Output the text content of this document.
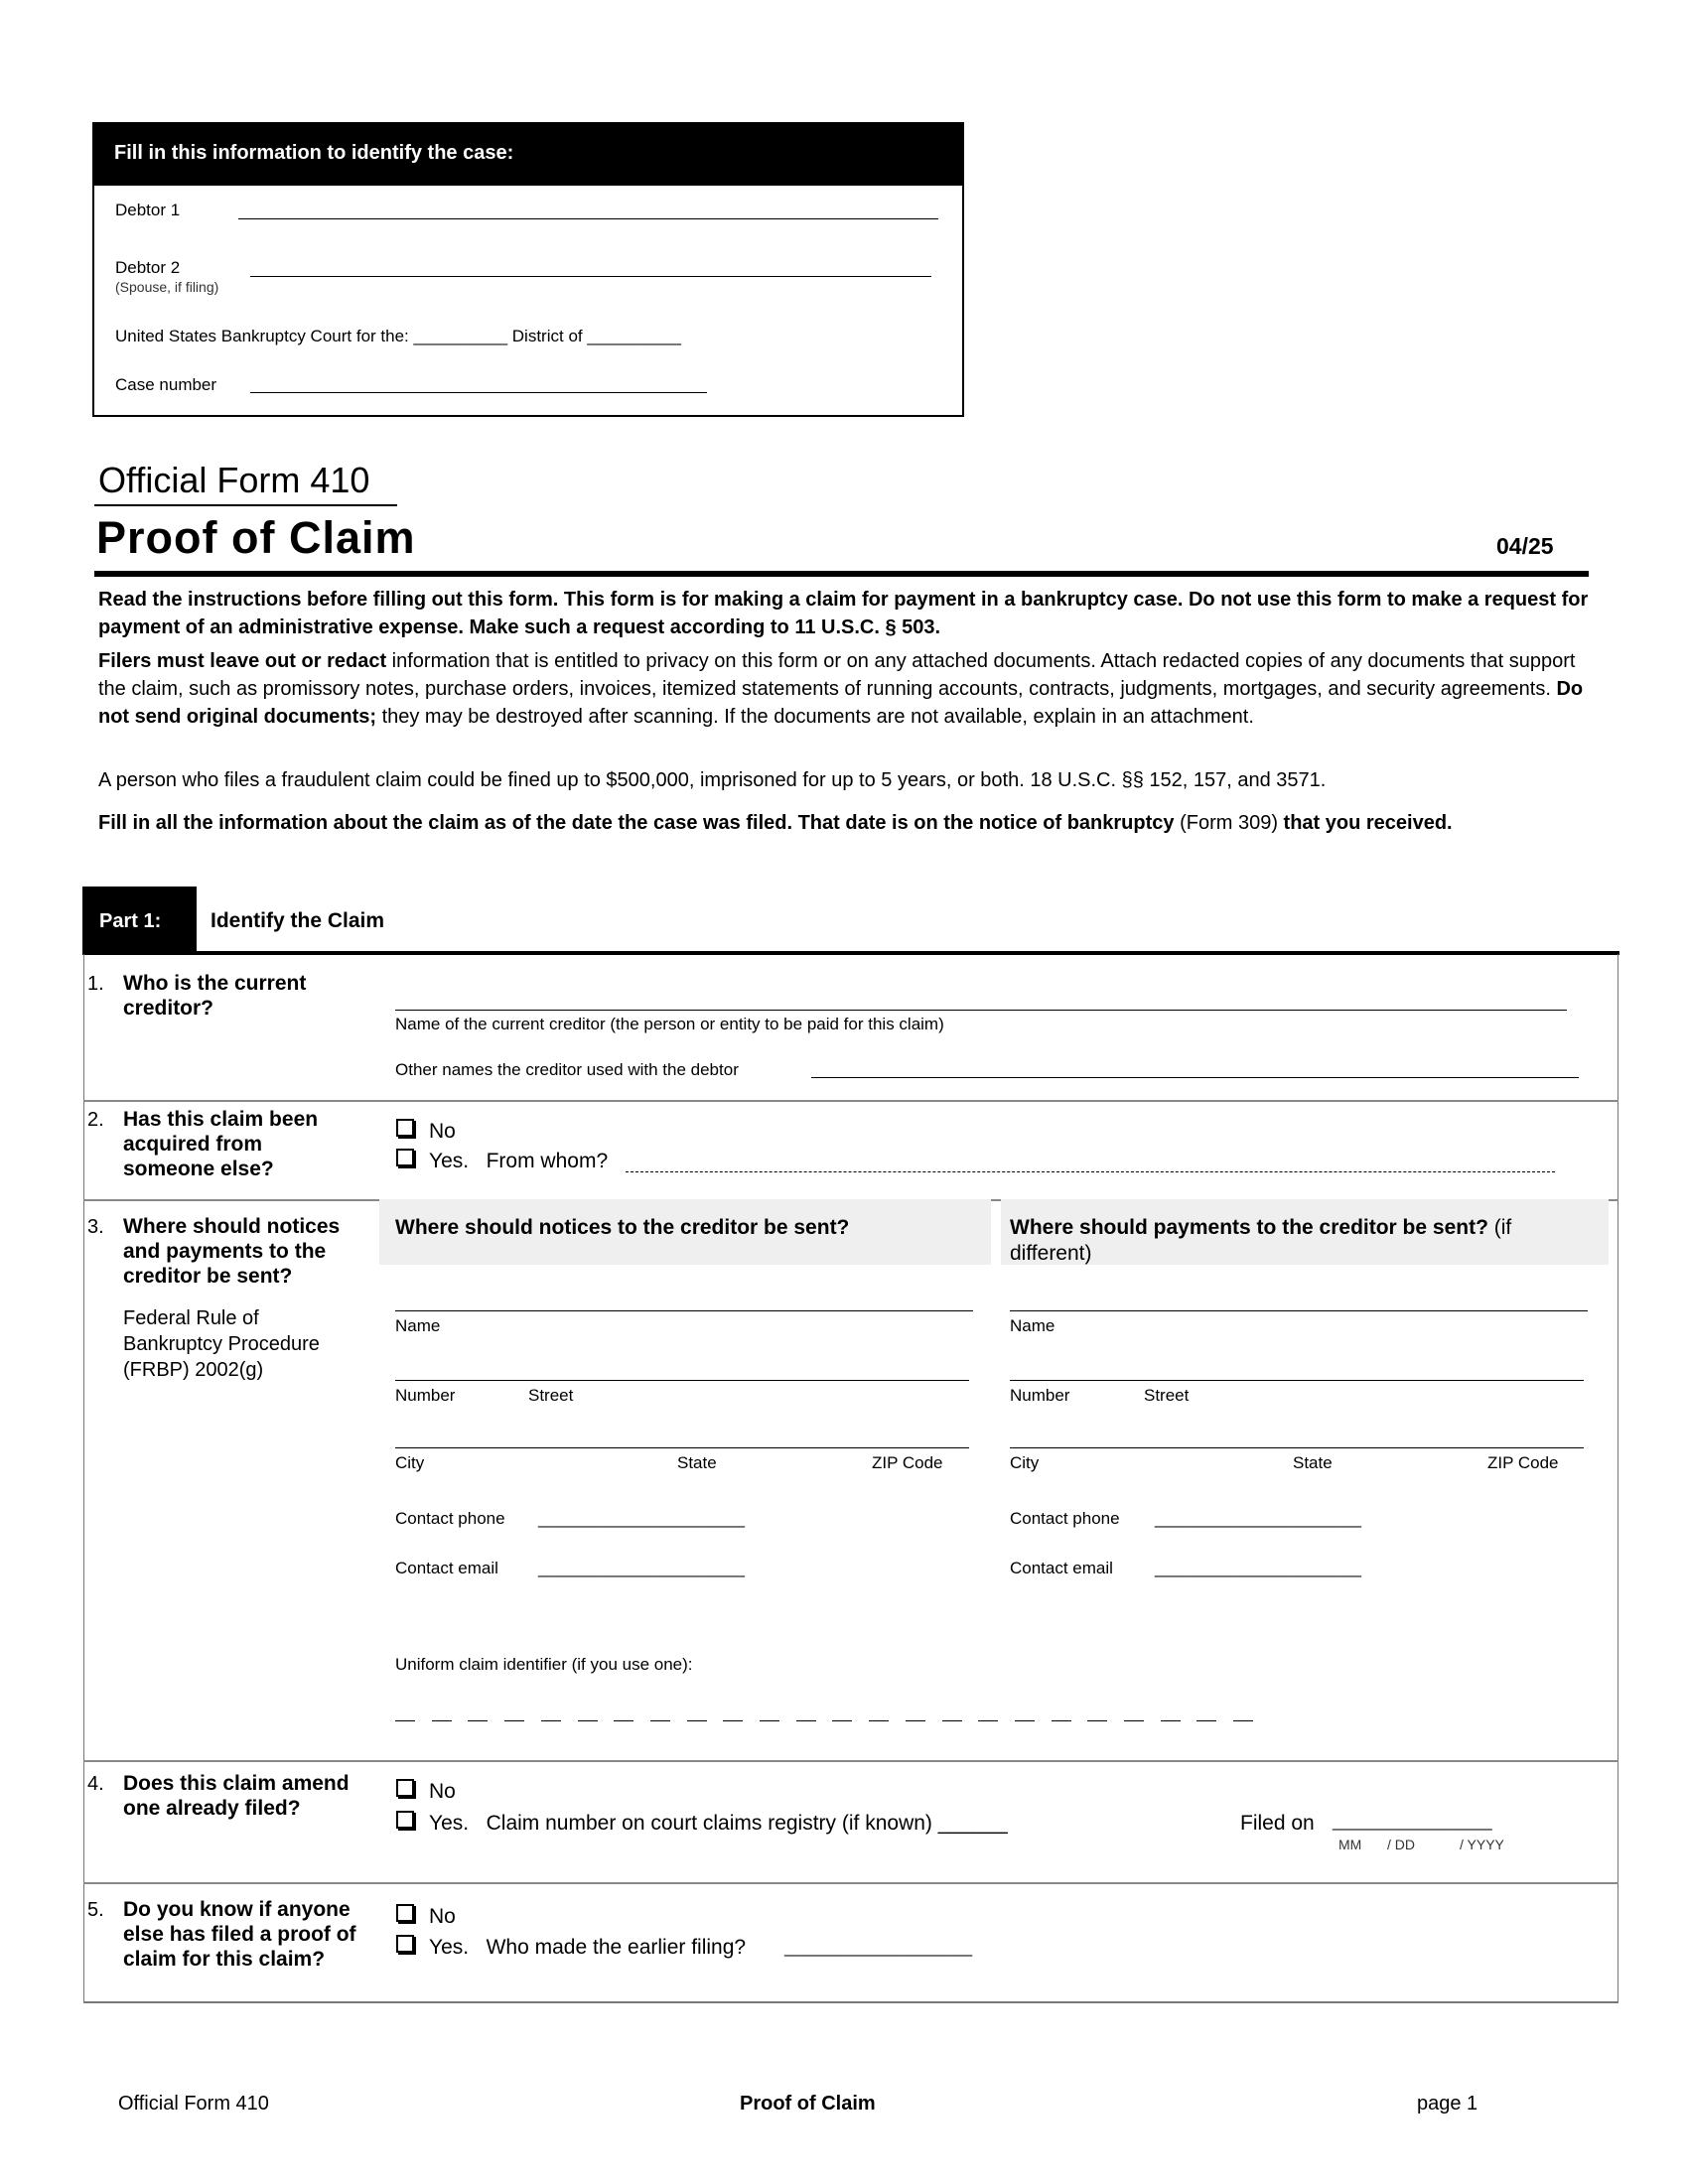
Fill in this information to identify the case:
Debtor 1
Debtor 2
(Spouse, if filing)
United States Bankruptcy Court for the: __________ District of __________
Case number
Official Form 410
Proof of Claim	04/25
Read the instructions before filling out this form. This form is for making a claim for payment in a bankruptcy case. Do not use this form to make a request for payment of an administrative expense. Make such a request according to 11 U.S.C. § 503.
Filers must leave out or redact information that is entitled to privacy on this form or on any attached documents. Attach redacted copies of any documents that support the claim, such as promissory notes, purchase orders, invoices, itemized statements of running accounts, contracts, judgments, mortgages, and security agreements. Do not send original documents; they may be destroyed after scanning. If the documents are not available, explain in an attachment.
A person who files a fraudulent claim could be fined up to $500,000, imprisoned for up to 5 years, or both. 18 U.S.C. §§ 152, 157, and 3571.
Fill in all the information about the claim as of the date the case was filed. That date is on the notice of bankruptcy (Form 309) that you received.
Part 1:	Identify the Claim
1. Who is the current creditor?
Name of the current creditor (the person or entity to be paid for this claim)
Other names the creditor used with the debtor
2. Has this claim been acquired from someone else?
No
Yes. From whom?
3. Where should notices and payments to the creditor be sent?
Federal Rule of Bankruptcy Procedure (FRBP) 2002(g)
Where should notices to the creditor be sent?	Where should payments to the creditor be sent? (if different)
Name
Number	Street
City	State	ZIP Code
Contact phone ______________________
Contact email ______________________
Name
Number	Street
City	State	ZIP Code
Contact phone ______________________
Contact email ______________________
Uniform claim identifier (if you use one):
4. Does this claim amend one already filed?
No
Yes. Claim number on court claims registry (if known) ______	Filed on _________________
MM / DD	/ YYYY
5. Do you know if anyone else has filed a proof of claim for this claim?
No
Yes. Who made the earlier filing? ____________________
Official Form 410	Proof of Claim	page 1
